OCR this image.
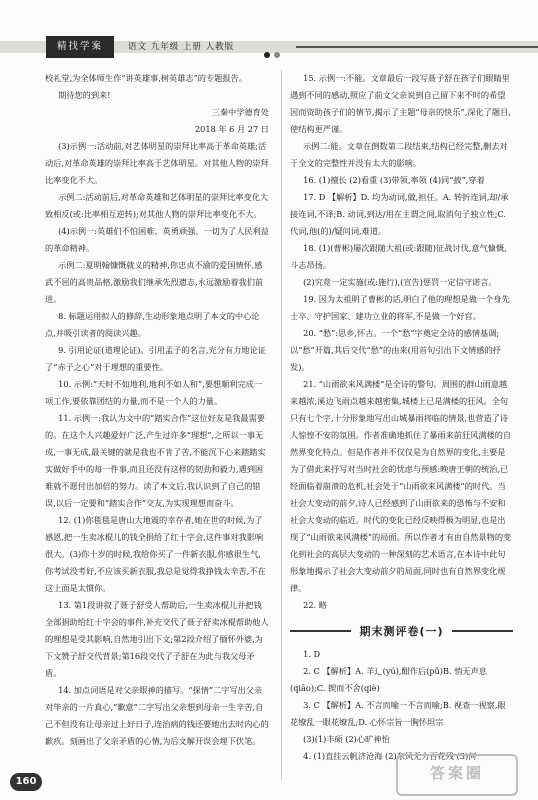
精找学案	语文 九年级 上册 人教版

校礼堂,为全体师生作“讲英雄事,树英雄志”的专题报告。

期待您的到来!

三秦中学德育处

2018 年 6 月 27 日

(3)示例一:活动前,对艺体明星的崇拜比率高于革命英雄;活动后,对革命英雄的崇拜比率高于艺体明星。对其他人物的崇拜比率变化不大。

示例二:活动前后,对革命英雄和艺体明星的崇拜比率变化大致相反(或:比率相互逆转);对其他人物的崇拜比率变化不大。

(4)示例一:英雄们不怕困难、英勇顽强、一切为了人民利益的革命精神。

示例二:夏明翰慷慨就义的精神,你忠贞不渝的爱国情怀,感武不屈的高贵品格,激励我们继承先烈遗志,永远激励着我们前进。

8. 标题运用拟人的修辞,生动形象地点明了本文的中心论点,并吸引读者的阅读兴趣。

9. 引用论证(道理论证)。引用孟子的名言,充分有力地论证了“赤子之心”对于理想的重要性。

10. 示例:“天时不如地利,地利不如人和”,要想顺利完成一项工作,要依靠团结的力量,而不是一个人的力量。

11. 示例一:我认为文中的“踏实合作”这位好友是我最需要的。在这个人兴趣爱好广泛,产生过许多“理想”,之所以一事无成,一事无成,最关键的就是我也不肯了苦,不能沉下心来踏踏实实做好手中的每一件事,而且还没有这样的韧劲和毅力,遇到困难就不愿付出加倍的努力。读了本文后,我认识到了自己的错误,以后一定要和“踏实合作”交友,为实现理想而奋斗。

12. (1)你毯毯是唐山大地震的幸存者,她在世的时候,为了感恩,把一生卖冰棍儿的钱全捐给了红十字会,这件事对我影响很大。(3)你十岁的时候,我给你买了一件新衣服,你感很生气,你考试没考好,不应该买新衣服,我总是觉得我挣钱太辛苦,不在这上面是太惯你。

13. 第1段讲叙了聂子舒受人帮助后,一生卖冰棍儿并把钱全部捐助给红十字会的事件,补充交代了聂子舒卖冰棍帮助他人的理想是受其影响,自然地引出下文;第2段介绍了缅怀外婆,为下文赞子舒交代背景;第16段交代了子舒在为此与我父母矛盾。

14. 加点词语是对父亲眼神的描写。“探情”二字写出父亲对毕亲的一片真心,“歉意”二字写出父亲想到母亲一生辛苦,自己不但没有让母亲过上好日子,连治病的钱还要她出去时内心的歉疚。刻画出了父亲矛盾的心情,为后文解开误会埋下伏笔。

15. 示例一:不能。文章最后一段写聂子舒在孩子们眼睛里遇到不同的感动,照应了前文父亲说到自己留下来不时的希望因而资助孩子们的情节,揭示了主题“母亲的快乐”,深化了题目,使结构更严谨。

示例二:能。文章在倒数第二段结束,结构已经完整,删去对于全文的完整性并没有太大的影响。

16. (1)擅长 (2)看重 (3)带领,率领 (4)同“披”,穿着

17. D 【解析】D. 均为动词,做,担任。A. 转折连词,却/承接连词,不译;B. 动词,到达/用在主谓之间,取消句子独立性;C. 代词,他(的)/疑问词,难道。

18. (1)(曹彬)屡次跟随大祖(或:跟随)征战讨伐,意气慷慨,斗志昂扬。

(2)究竟一定实施(或:施行),(宣告)惩罚一定信守诺言。

19. 因为太祖明了曹彬的话,明白了他的理想是做一个身先士卒、守护国家、建功立业的将军,不是做一个好官。

20. “愁”:思乡,怀古。一个“愁”字奠定全诗的感情基调;以“愁”开篇,其后交代“愁”的由来(用首句引出下文情感的抒发)。

21. “山雨欲来风满楼”是全诗的警句。周围的群山雨意越来越浓,溪边飞雨点越来越密集,城楼上已是满楼的狂风。全句只有七个字,十分形象地写出山城暴雨将临的情景,也营造了诗人惊惶不安的氛围。作者准确地抓住了暴雨来前狂风满楼的自然界变化特点。但是作者并不仅仅是为自然界的变化,主要是为了借此来抒写对当时社会的忧虑与预感:晚唐王朝的统治,已经面临着崩溃的危机,社会处于“山雨欲来风满楼”的时代。当社会大变动的前夕,诗人已经感到了山雨欲来的恐怖与不安和社会大变动的临近。时代的变化已经反映得极为明显,也是出现了“山雨欲来风满楼”的局面。所以作者才有由自然景物的变化到社会的高层大变动的一种深刻的艺术语言,在本诗中此句形象地揭示了社会大变动前夕的局面,同时也有自然界变化规律。

22. 略

期末测评卷(一)

1. D

2. C 【解析】A. 羊辶(yú),酣作后(pǔ)B. 悄无声息(qiāo);C. 锲而不舍(qiè)

3. C 【解析】A. 不言而喻一不言而喻;B. 视查一视察,眼花缭乱一眼花缭乱;D. 心怀宗旨一胸怀坦宗

(3)(1)丰硕 (2)心旷神怡

4. (1)直挂云帆济沧海 (2)东风无力百花残 (3)何

160	答案圈
